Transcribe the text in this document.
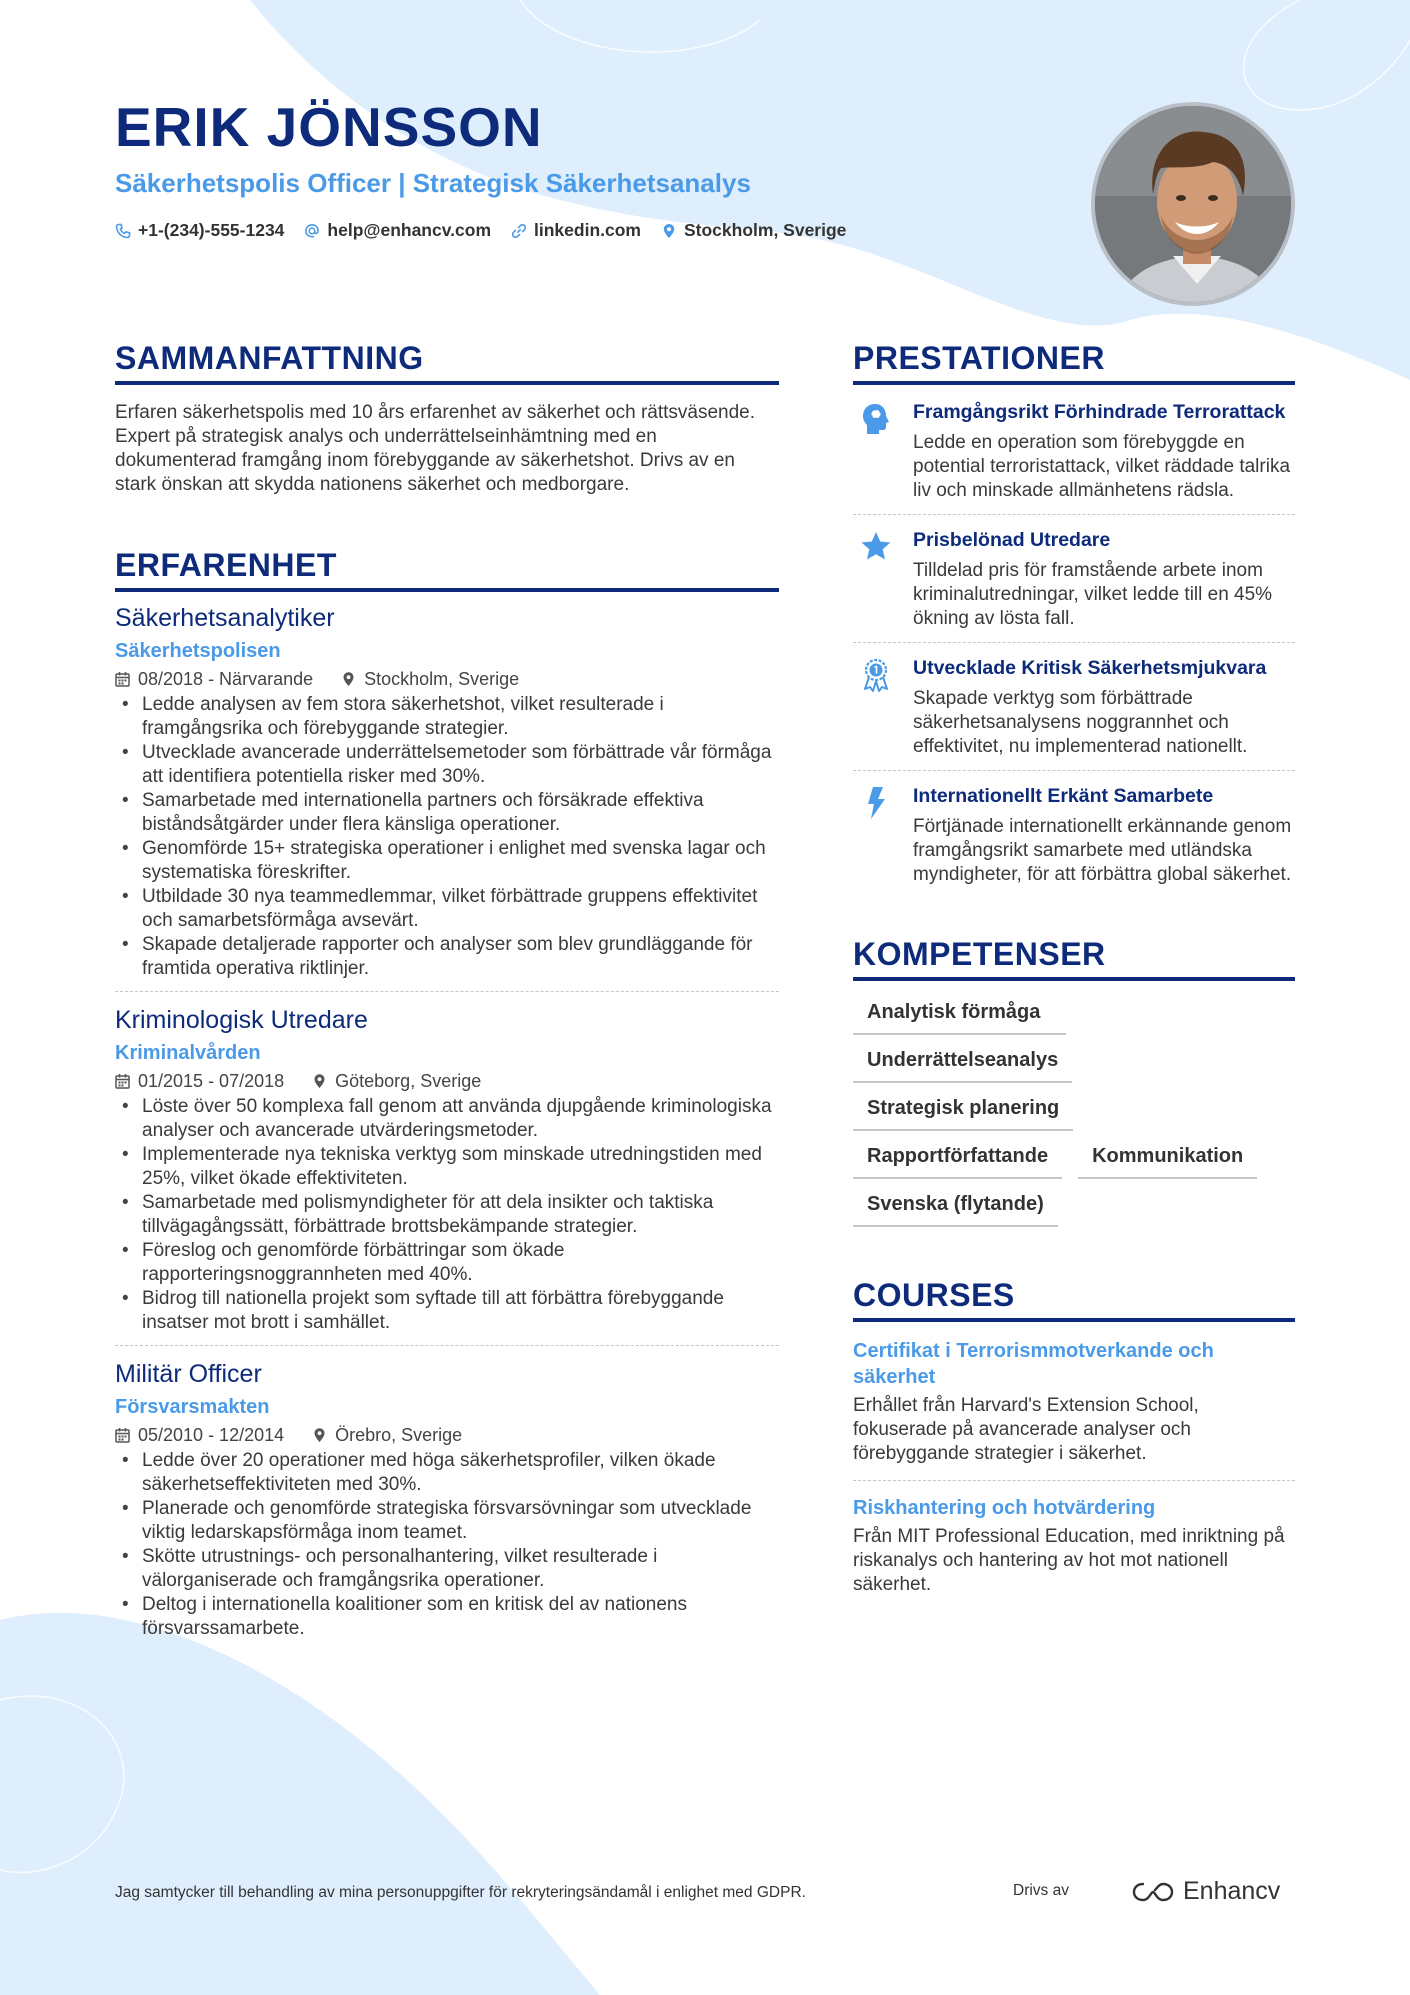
ERIK JÖNSSON
Säkerhetspolis Officer | Strategisk Säkerhetsanalys
+1-(234)-555-1234 help@enhancv.com linkedin.com Stockholm, Sverige
SAMMANFATTNING
Erfaren säkerhetspolis med 10 års erfarenhet av säkerhet och rättsväsende. Expert på strategisk analys och underrättelseinhämtning med en dokumenterad framgång inom förebyggande av säkerhetshot. Drivs av en stark önskan att skydda nationens säkerhet och medborgare.
ERFARENHET
Säkerhetsanalytiker
Säkerhetspolisen
08/2018 - Närvarande	Stockholm, Sverige
• Ledde analysen av fem stora säkerhetshot, vilket resulterade i framgångsrika och förebyggande strategier.
• Utvecklade avancerade underrättelsemetoder som förbättrade vår förmåga att identifiera potentiella risker med 30%.
• Samarbetade med internationella partners och försäkrade effektiva biståndsåtgärder under flera känsliga operationer.
• Genomförde 15+ strategiska operationer i enlighet med svenska lagar och systematiska föreskrifter.
• Utbildade 30 nya teammedlemmar, vilket förbättrade gruppens effektivitet och samarbetsförmåga avsevärt.
• Skapade detaljerade rapporter och analyser som blev grundläggande för framtida operativa riktlinjer.
Kriminologisk Utredare
Kriminalvården
01/2015 - 07/2018	Göteborg, Sverige
• Löste över 50 komplexa fall genom att använda djupgående kriminologiska analyser och avancerade utvärderingsmetoder.
• Implementerade nya tekniska verktyg som minskade utredningstiden med 25%, vilket ökade effektiviteten.
• Samarbetade med polismyndigheter för att dela insikter och taktiska tillvägagångssätt, förbättrade brottsbekämpande strategier.
• Föreslog och genomförde förbättringar som ökade rapporteringsnoggrannheten med 40%.
• Bidrog till nationella projekt som syftade till att förbättra förebyggande insatser mot brott i samhället.
Militär Officer
Försvarsmakten
05/2010 - 12/2014	Örebro, Sverige
• Ledde över 20 operationer med höga säkerhetsprofiler, vilken ökade säkerhetseffektiviteten med 30%.
• Planerade och genomförde strategiska försvarsövningar som utvecklade viktig ledarskapsförmåga inom teamet.
• Skötte utrustnings- och personalhantering, vilket resulterade i välorganiserade och framgångsrika operationer.
• Deltog i internationella koalitioner som en kritisk del av nationens försvarssamarbete.
PRESTATIONER
Framgångsrikt Förhindrade Terrorattack
Ledde en operation som förebyggde en potential terroristattack, vilket räddade talrika liv och minskade allmänhetens rädsla.
Prisbelönad Utredare
Tilldelad pris för framstående arbete inom kriminalutredningar, vilket ledde till en 45% ökning av lösta fall.
Utvecklade Kritisk Säkerhetsmjukvara
Skapade verktyg som förbättrade säkerhetsanalysens noggrannhet och effektivitet, nu implementerad nationellt.
Internationellt Erkänt Samarbete
Förtjänade internationellt erkännande genom framgångsrikt samarbete med utländska myndigheter, för att förbättra global säkerhet.
KOMPETENSER
Analytisk förmåga
Underrättelseanalys
Strategisk planering
Rapportförfattande	Kommunikation
Svenska (flytande)
COURSES
Certifikat i Terrorismmotverkande och säkerhet
Erhållet från Harvard's Extension School, fokuserade på avancerade analyser och förebyggande strategier i säkerhet.
Riskhantering och hotvärdering
Från MIT Professional Education, med inriktning på riskanalys och hantering av hot mot nationell säkerhet.
Jag samtycker till behandling av mina personuppgifter för rekryteringsändamål i enlighet med GDPR.	Drivs av	Enhancv
